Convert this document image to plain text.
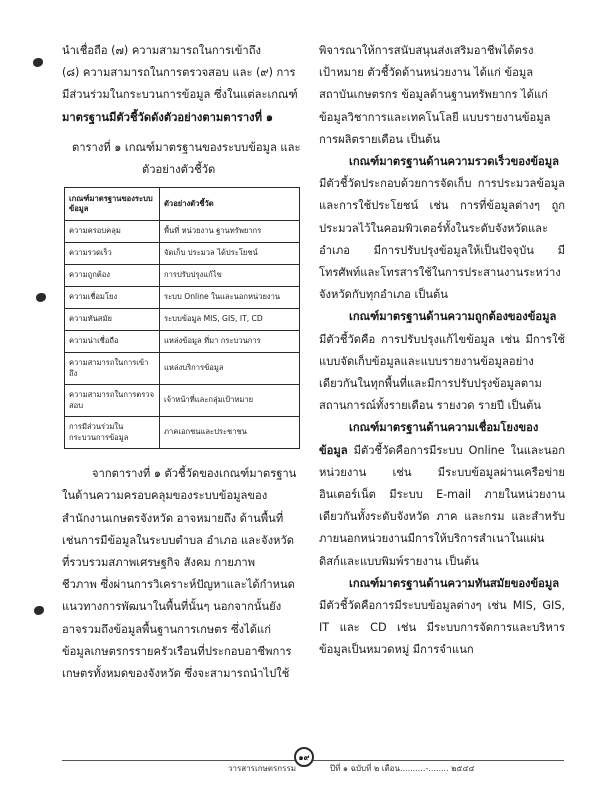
นำเชื่อถือ (๗) ความสามารถในการเข้าถึง
(๘) ความสามารถในการตรวจสอบ และ (๙) การ
มีส่วนร่วมในกระบวนการข้อมูล ซึ่งในแต่ละเกณฑ์
มาตรฐานมีตัวชี้วัดดังตัวอย่างตามตารางที่ ๑

ตารางที่ ๑ เกณฑ์มาตรฐานของระบบข้อมูล และ
ตัวอย่างตัวชี้วัด

เกณฑ์มาตรฐานของระบบข้อมูล	ตัวอย่างตัวชี้วัด
ความครอบคลุม	พื้นที่ หน่วยงาน ฐานทรัพยากร
ความรวดเร็ว	จัดเก็บ ประมวล ได้ประโยชน์
ความถูกต้อง	การปรับปรุงแก้ไข
ความเชื่อมโยง	ระบบ Online ในและนอกหน่วยงาน
ความทันสมัย	ระบบข้อมูล MIS, GIS, IT, CD
ความน่าเชื่อถือ	แหล่งข้อมูล ที่มา กระบวนการ
ความสามารถในการเข้าถึง	แหล่งบริการข้อมูล
ความสามารถในการตรวจสอบ	เจ้าหน้าที่และกลุ่มเป้าหมาย
การมีส่วนร่วมในกระบวนการข้อมูล	ภาคเอกชนและประชาชน

จากตารางที่ ๑ ตัวชี้วัดของเกณฑ์มาตรฐาน
ในด้านความครอบคลุมของระบบข้อมูลของ
สำนักงานเกษตรจังหวัด อาจหมายถึง ด้านพื้นที่
เช่นการมีข้อมูลในระบบตำบล อำเภอ และจังหวัด
ที่รวบรวมสภาพเศรษฐกิจ สังคม กายภาพ
ชีวภาพ ซึ่งผ่านการวิเคราะห์ปัญหาและได้กำหนด
แนวทางการพัฒนาในพื้นที่นั้นๆ นอกจากนั้นยัง
อาจรวมถึงข้อมูลพื้นฐานการเกษตร ซึ่งได้แก่
ข้อมูลเกษตรกรรายครัวเรือนที่ประกอบอาชีพการ
เกษตรทั้งหมดของจังหวัด ซึ่งจะสามารถนำไปใช้

พิจารณาให้การสนับสนุนส่งเสริมอาชีพได้ตรง
เป้าหมาย ตัวชี้วัดด้านหน่วยงาน ได้แก่ ข้อมูล
สถาบันเกษตรกร ข้อมูลด้านฐานทรัพยากร ได้แก่
ข้อมูลวิชาการและเทคโนโลยี แบบรายงานข้อมูล
การผลิตรายเดือน เป็นต้น

เกณฑ์มาตรฐานด้านความรวดเร็วของข้อมูล มีตัวชี้วัดประกอบด้วยการจัดเก็บ การประมวลข้อมูลและการใช้ประโยชน์ เช่น การที่ข้อมูลต่างๆ ถูกประมวลไว้ในคอมพิวเตอร์ทั้งในระดับจังหวัดและอำเภอ มีการปรับปรุงข้อมูลให้เป็นปัจจุบัน มีโทรศัพท์และโทรสารใช้ในการประสานงานระหว่างจังหวัดกับทุกอำเภอ เป็นต้น

เกณฑ์มาตรฐานด้านความถูกต้องของข้อมูล มีตัวชี้วัดคือ การปรับปรุงแก้ไขข้อมูล เช่น มีการใช้แบบจัดเก็บข้อมูลและแบบรายงานข้อมูลอย่างเดียวกันในทุกพื้นที่และมีการปรับปรุงข้อมูลตามสถานการณ์ทั้งรายเดือน รายงวด รายปี เป็นต้น

เกณฑ์มาตรฐานด้านความเชื่อมโยงของข้อมูล มีตัวชี้วัดคือการมีระบบ Online ในและนอกหน่วยงาน เช่น มีระบบข้อมูลผ่านเครือข่ายอินเตอร์เน็ต มีระบบ E-mail ภายในหน่วยงานเดียวกันทั้งระดับจังหวัด ภาค และกรม และสำหรับภายนอกหน่วยงานมีการให้บริการสำเนาในแผ่นดิสก์และแบบพิมพ์รายงาน เป็นต้น

เกณฑ์มาตรฐานด้านความทันสมัยของข้อมูล มีตัวชี้วัดคือการมีระบบข้อมูลต่างๆ เช่น MIS, GIS, IT และ CD เช่น มีระบบการจัดการและบริหารข้อมูลเป็นหมวดหมู่ มีการจำแนก

๑๙
วารสารเกษตรกรรม	ปีที่ ๑ ฉบับที่ ๒ เดือน..........-........ ๒๕๔๔
